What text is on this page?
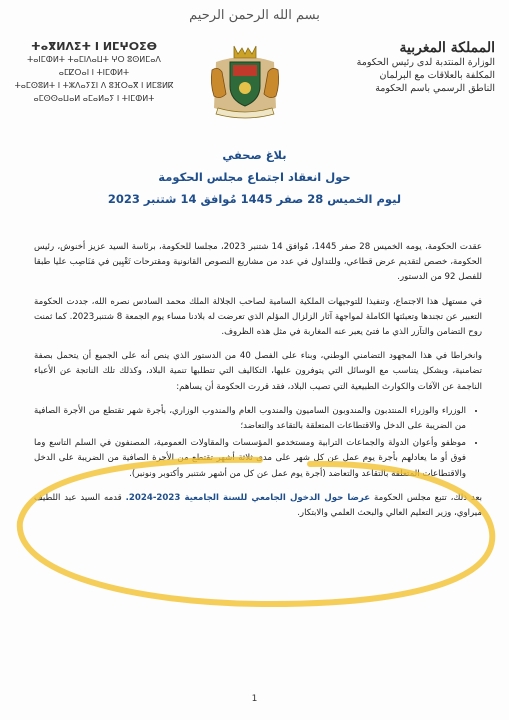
بسم الله الرحمن الرحيم
ⵜⴰⴳⵍⴷⵉⵜ ⵏ ⵍⵎⵖⵔⵉⴱ
ⵜⴰⵏⵎⵀⵍⵜ ⵜⴰⵎⵏⴷⴰⵡⵜ ⵖⵔ ⵓⵙⵍⵎⴰⴷ ⴰⵎⵇⵔⴰⵏ ⵏ ⵜⵏⵎⵀⵍⵜ
ⵜⴰⵎⵙⵓⵍⵜ ⵏ ⵜⵣⴷⴰⵢⵉⵏ ⴷ ⵓⴼⵔⴰⴳ ⵏ ⵍⵎⵓⵍⴽ
ⴰⵎⵙⵙⴰⵡⴰⵍ ⴰⵎⴰⵍⴰⵢ ⵏ ⵜⵏⵎⵀⵍⵜ
المملكة المغربية
الوزارة المنتدبة لدى رئيس الحكومة
المكلفة بالعلاقات مع البرلمان
الناطق الرسمي باسم الحكومة
بلاغ صحفي
حول انعقاد اجتماع مجلس الحكومة
ليوم الخميس 28 صفر 1445 مُوافق 14 شتنبر 2023

عقدت الحكومة، يومه الخميس 28 صفر 1445، مُوافق 14 شتنبر 2023، مجلسا للحكومة، برئاسة السيد عزيز أخنوش، رئيس الحكومة، خصص لتقديم عرض قطاعي، وللتداول في عدد من مشاريع النصوص القانونية ومقترحات تَعْيِين في مَنَاصِب عليا طبقا للفصل 92 من الدستور.

في مستهل هذا الاجتماع، وتنفيذا للتوجيهات الملكية السامية لصاحب الجلالة الملك محمد السادس نصره الله، جددت الحكومة التعبير عن تجندها وتعبئتها الكاملة لمواجهة آثار الزلزال المؤلم الذي تعرضت له بلادنا مساء يوم الجمعة 8 شتنبر2023. كما ثمنت روح التضامن والتآزر الذي ما فتئ يعبر عنه المغاربة في مثل هذه الظروف.

وانخراطا في هذا المجهود التضامني الوطني، وبناء على الفصل 40 من الدستور الذي ينص أنه على الجميع أن يتحمل بصفة تضامنية، وبشكل يتناسب مع الوسائل التي يتوفرون عليها، التكاليف التي تتطلبها تنمية البلاد، وكذلك تلك الناتجة عن الأعباء الناجمة عن الآفات والكوارث الطبيعية التي تصيب البلاد، فقد قررت الحكومة أن يساهم:

• الوزراء والوزراء المنتدبون والمندوبون الساميون والمندوب العام والمندوب الوزاري، بأجرة شهر تقتطع من الأجرة الصافية من الضريبة على الدخل والاقتطاعات المتعلقة بالتقاعد والتعاضد؛
• موظفو وأعوان الدولة والجماعات الترابية ومستخدمو المؤسسات والمقاولات العمومية، المصنفون في السلم التاسع وما فوق أو ما يعادلهم بأجرة يوم عمل عن كل شهر على مدى ثلاثة أشهر تقتطع من الأجرة الصافية من الضريبة على الدخل والاقتطاعات المتعلقة بالتقاعد والتعاضد (أجرة يوم عمل عن كل من أشهر شتنبر وأكتوبر ونونبر).

بعد ذلك، تتبع مجلس الحكومة عرضا حول الدخول الجامعي للسنة الجامعية 2023-2024. قدمه السيد عبد اللطيف ميراوي، وزير التعليم العالي والبحث العلمي والابتكار.

1
